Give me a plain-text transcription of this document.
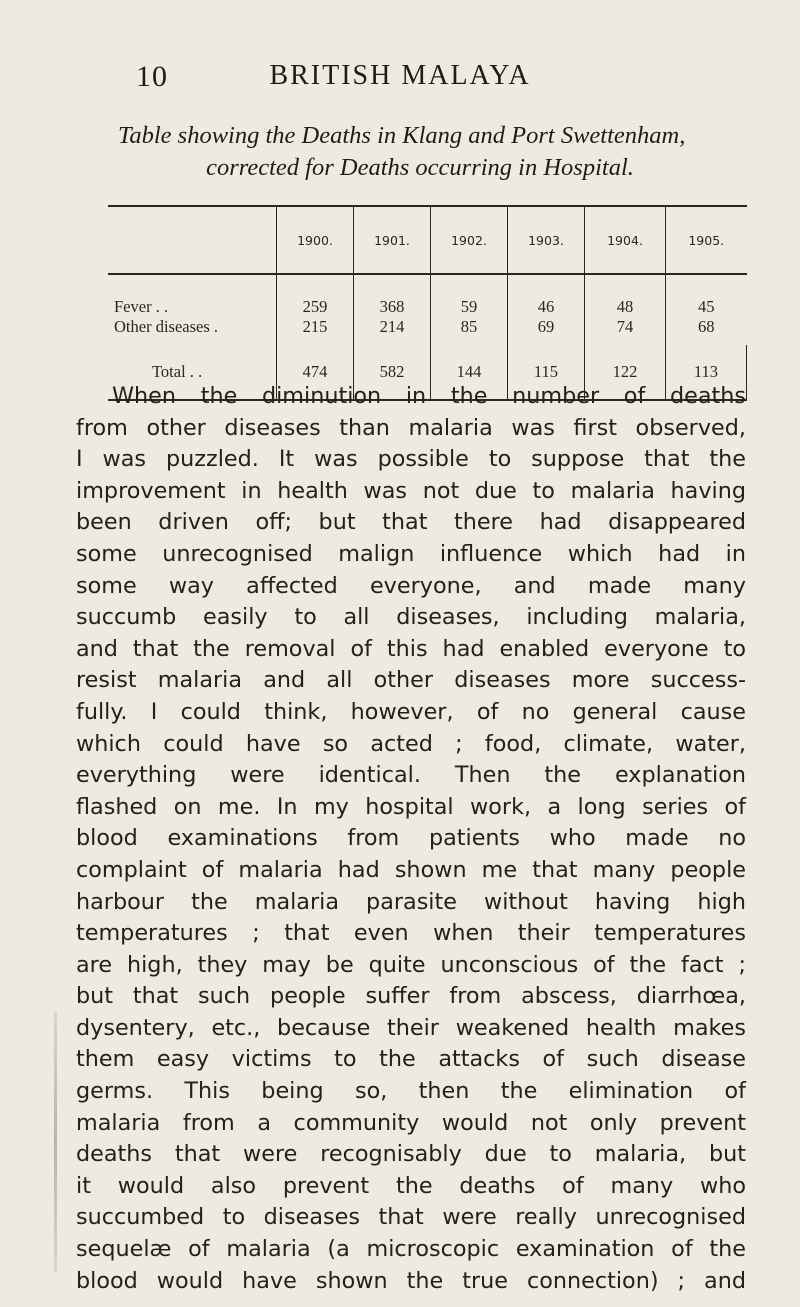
10	BRITISH MALAYA
Table showing the Deaths in Klang and Port Swettenham,
corrected for Deaths occurring in Hospital.
	1900.	1901.	1902.	1903.	1904.	1905.

Fever . .	259	368	59	46	48	45

Other diseases .	215	214	85	69	74	68

Total . .	474	582	144	115	122	113
When the diminution in the number of deaths
from other diseases than malaria was first observed,
I was puzzled. It was possible to suppose that the
improvement in health was not due to malaria having
been driven off; but that there had disappeared
some unrecognised malign influence which had in
some way affected everyone, and made many
succumb easily to all diseases, including malaria,
and that the removal of this had enabled everyone to
resist malaria and all other diseases more success-
fully. I could think, however, of no general cause
which could have so acted ; food, climate, water,
everything were identical. Then the explanation
flashed on me. In my hospital work, a long series of
blood examinations from patients who made no
complaint of malaria had shown me that many people
harbour the malaria parasite without having high
temperatures ; that even when their temperatures
are high, they may be quite unconscious of the fact ;
but that such people suffer from abscess, diarrhœa,
dysentery, etc., because their weakened health makes
them easy victims to the attacks of such disease
germs. This being so, then the elimination of
malaria from a community would not only prevent
deaths that were recognisably due to malaria, but
it would also prevent the deaths of many who
succumbed to diseases that were really unrecognised
sequelæ of malaria (a microscopic examination of the
blood would have shown the true connection) ; and
